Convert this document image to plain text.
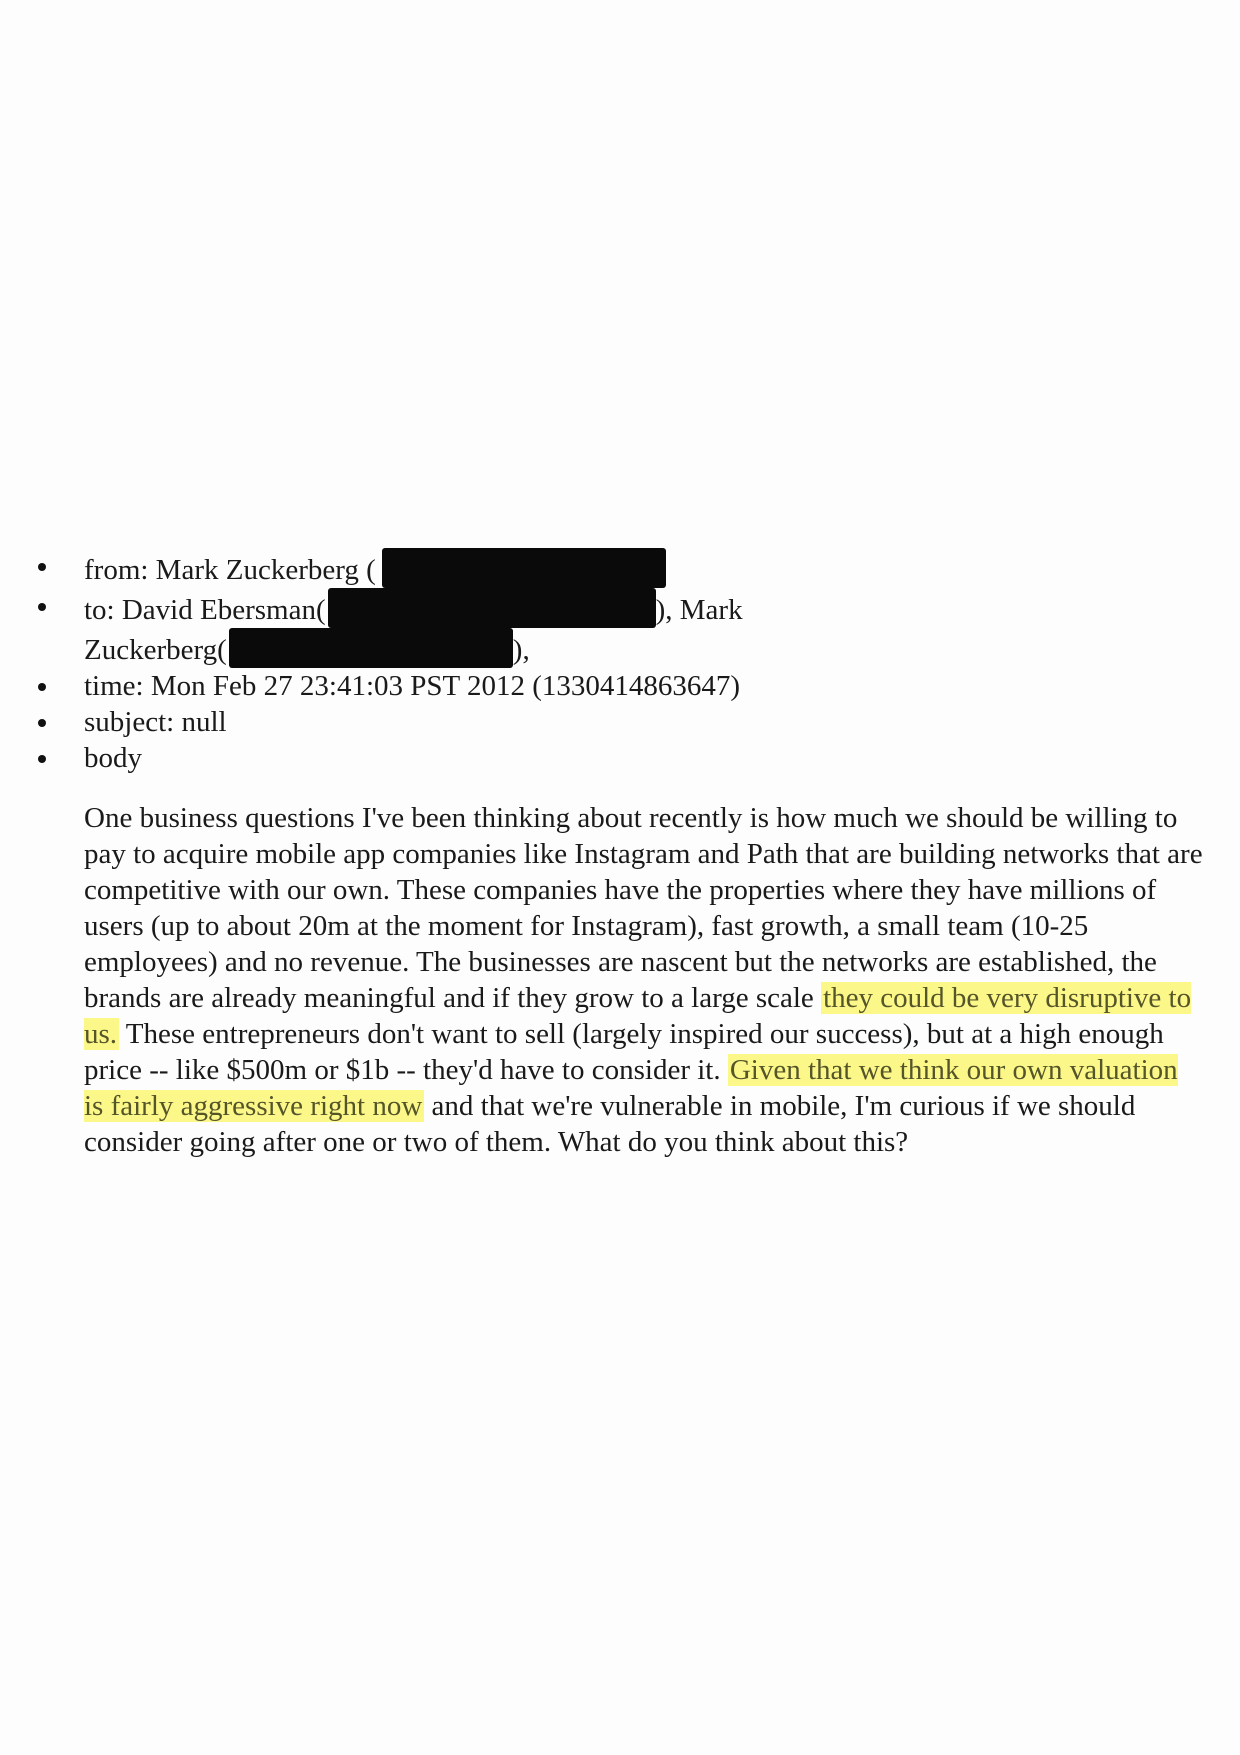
from: Mark Zuckerberg (
to: David Ebersman(	), Mark
Zuckerberg(	),
time: Mon Feb 27 23:41:03 PST 2012 (1330414863647)
subject: null
body

One business questions I've been thinking about recently is how much we should be willing to pay to acquire mobile app companies like Instagram and Path that are building networks that are competitive with our own. These companies have the properties where they have millions of users (up to about 20m at the moment for Instagram), fast growth, a small team (10-25 employees) and no revenue. The businesses are nascent but the networks are established, the brands are already meaningful and if they grow to a large scale they could be very disruptive to us. These entrepreneurs don't want to sell (largely inspired our success), but at a high enough price -- like $500m or $1b -- they'd have to consider it. Given that we think our own valuation is fairly aggressive right now and that we're vulnerable in mobile, I'm curious if we should consider going after one or two of them. What do you think about this?
